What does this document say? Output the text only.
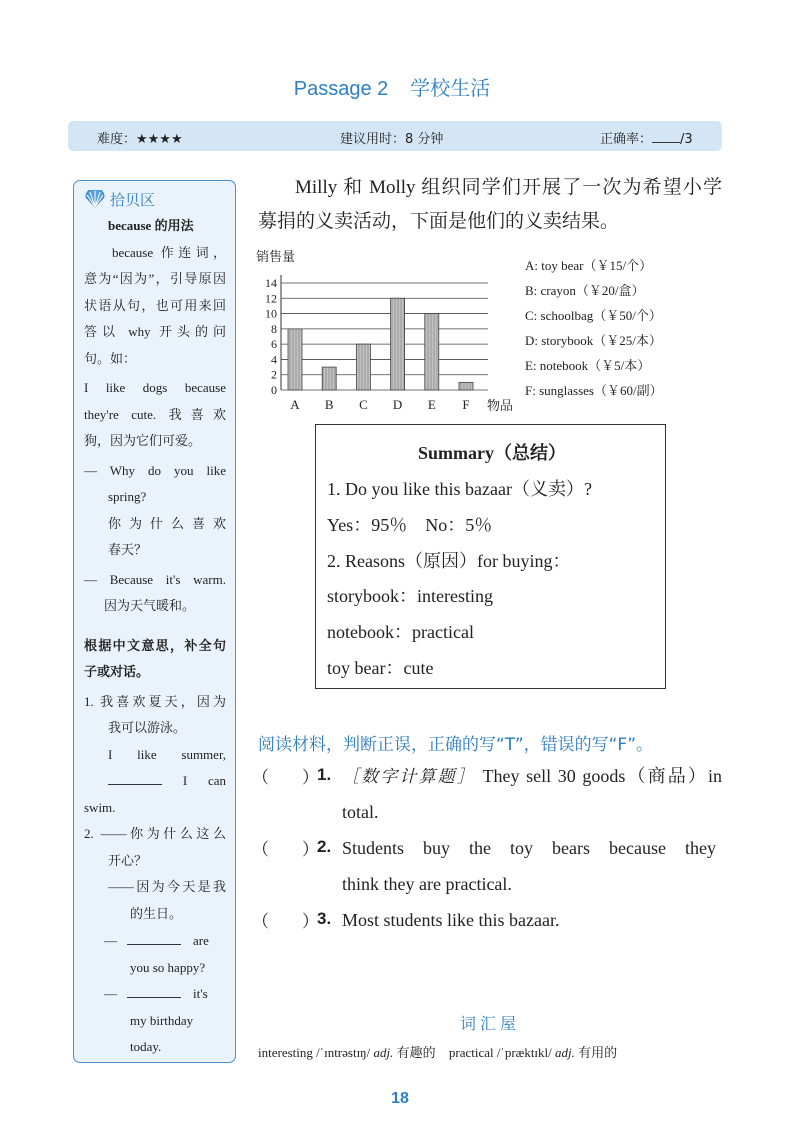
Passage 2 学校生活
难度：★★★★	建议用时：8 分钟	正确率： /3
拾贝区
because 的用法
because 作连词，
意为“因为”，引导原因
状语从句，也可用来回
答以 why 开头的问
句。如：
I like dogs because
they're cute. 我喜欢
狗，因为它们可爱。
— Why do you like
spring?
你为什么喜欢
春天？
— Because it's warm.
因为天气暖和。
根据中文意思，补全句
子或对话。
1. 我喜欢夏天，因为
我可以游泳。
I like summer,
I can
swim.
2. ——你为什么这么
开心？
——因为今天是我
的生日。
—	are
you so happy?
—	it's
my birthday
today.
Milly 和 Molly 组织同学们开展了一次为希望小学
募捐的义卖活动，下面是他们的义卖结果。
0
2
4
6
8
10
12
14
A B C D E F
销售量
物品
A: toy bear（￥15/个）
B: crayon（￥20/盒）
C: schoolbag（￥50/个）
D: storybook（￥25/本）
E: notebook（￥5/本）
F: sunglasses（￥60/副）
Summary（总结）
1. Do you like this bazaar（义卖）?
Yes：95％　No：5％
2. Reasons（原因）for buying：
storybook：interesting
notebook：practical
toy bear：cute
阅读材料，判断正误，正确的写“T”，错误的写“F”。
（ ）
1. ［数字计算题］ They sell 30 goods（商品）in
total.
（ ）
2. Students buy the toy bears because they
think they are practical.
（ ）
3. Most students like this bazaar.
词汇屋
interesting /ˈɪntrəstɪŋ/ adj. 有趣的 practical /ˈpræktɪkl/ adj. 有用的
18
